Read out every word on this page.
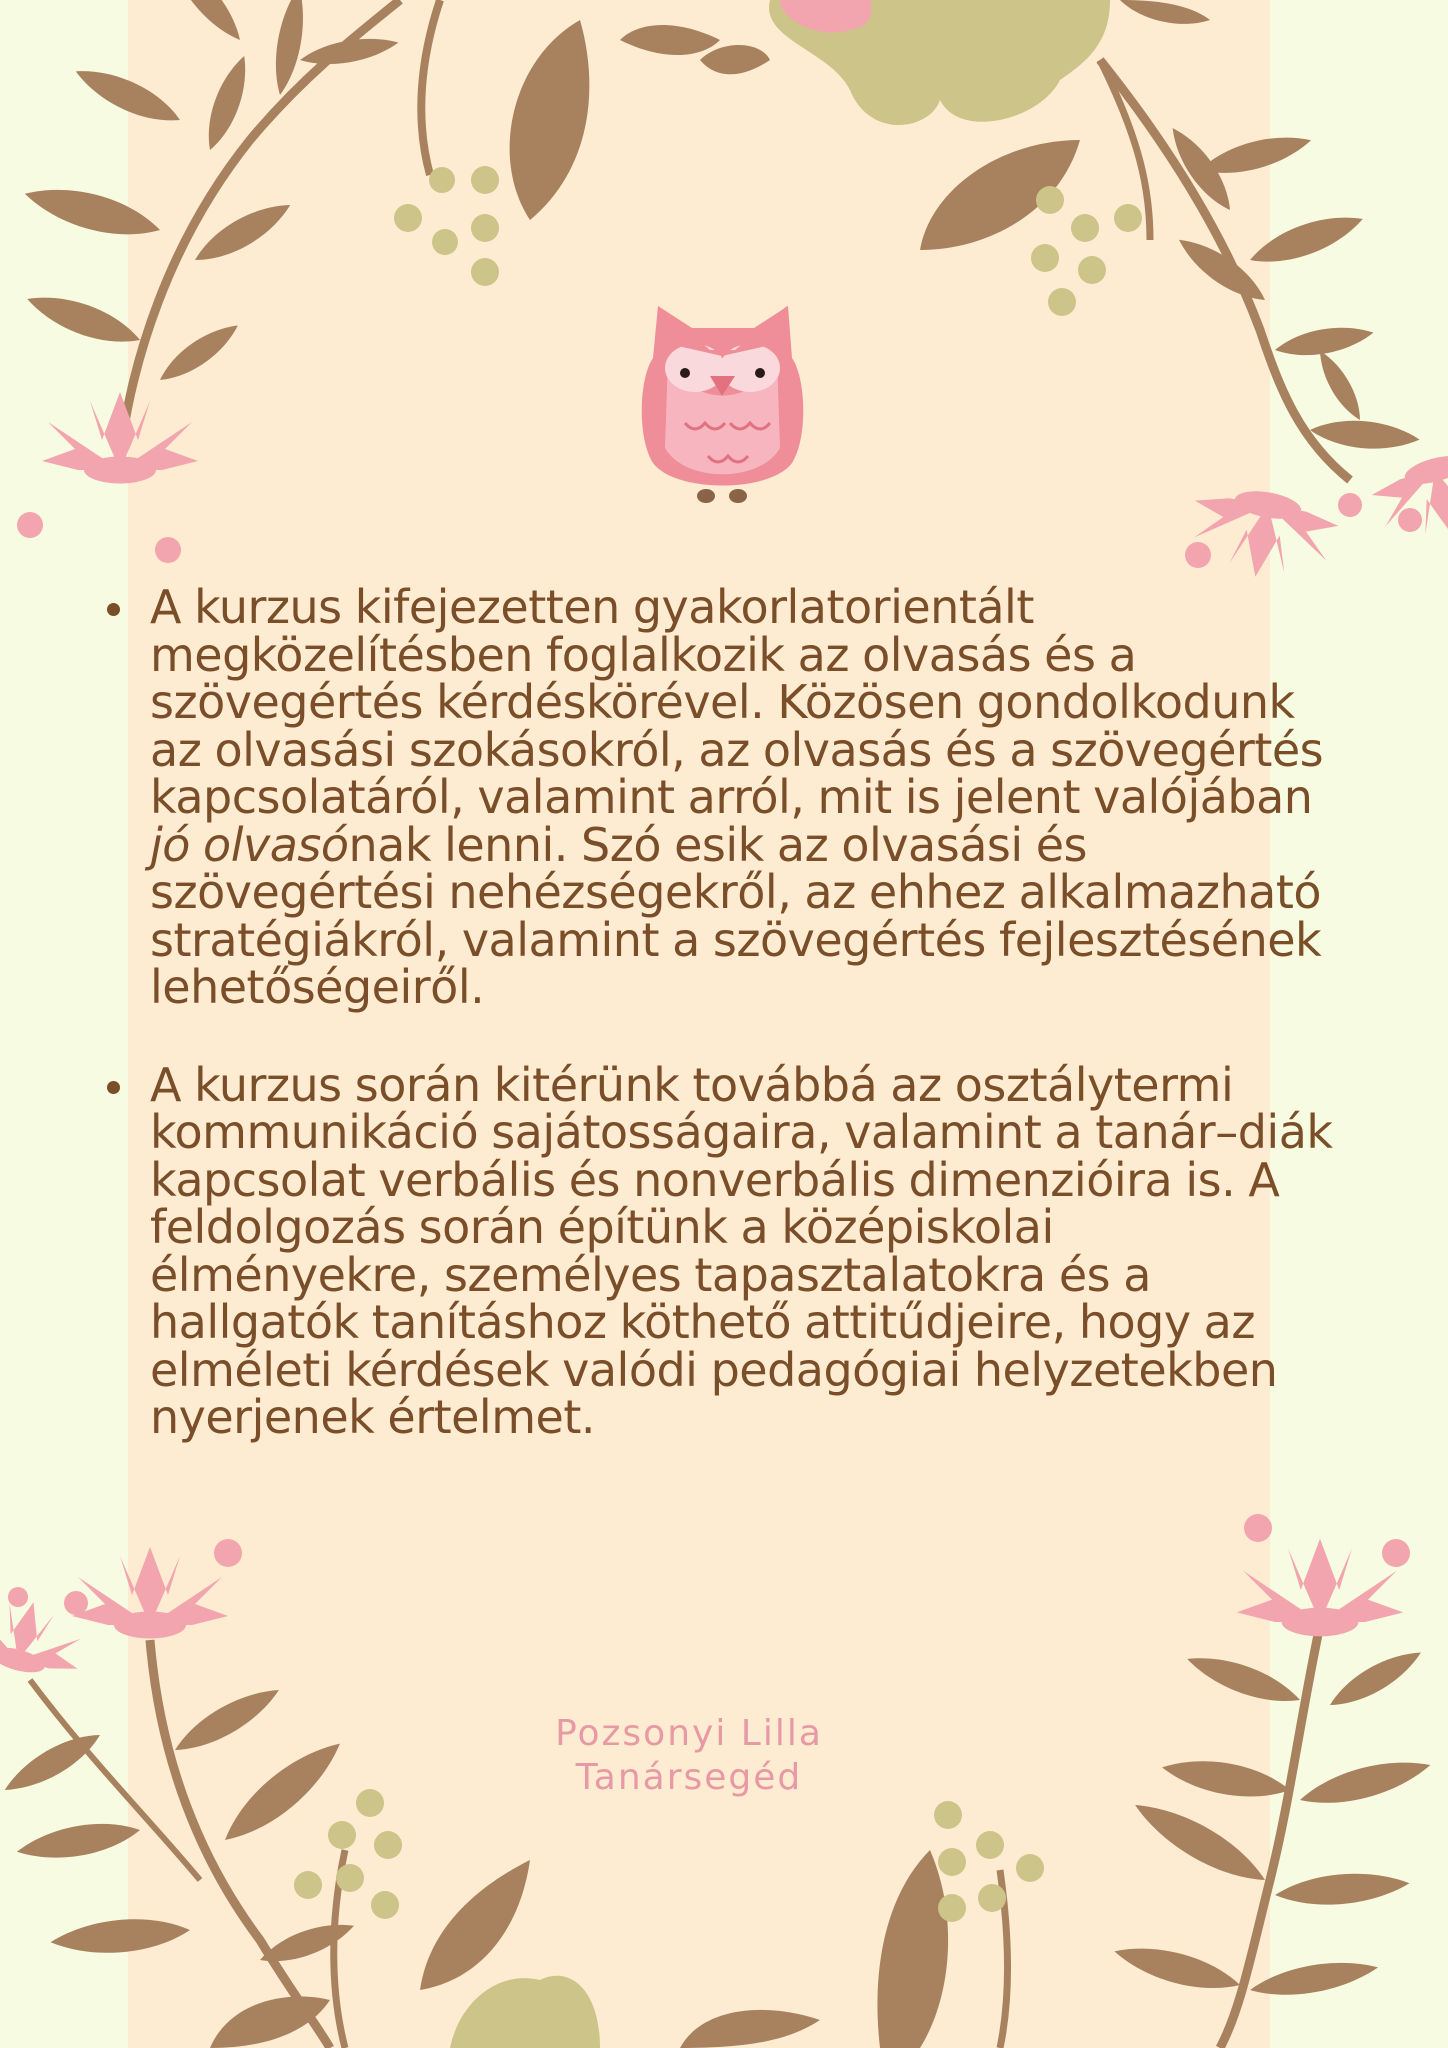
A kurzus kifejezetten gyakorlatorientált megközelítésben foglalkozik az olvasás és a szövegértés kérdéskörével. Közösen gondolkodunk az olvasási szokásokról, az olvasás és a szövegértés kapcsolatáról, valamint arról, mit is jelent valójában jó olvasónak lenni. Szó esik az olvasási és szövegértési nehézségekről, az ehhez alkalmazható stratégiákról, valamint a szövegértés fejlesztésének lehetőségeiről.
A kurzus során kitérünk továbbá az osztálytermi kommunikáció sajátosságaira, valamint a tanár–diák kapcsolat verbális és nonverbális dimenzióira is. A feldolgozás során építünk a középiskolai élményekre, személyes tapasztalatokra és a hallgatók tanításhoz köthető attitűdjeire, hogy az elméleti kérdések valódi pedagógiai helyzetekben nyerjenek értelmet.
Pozsonyi Lilla
Tanársegéd
